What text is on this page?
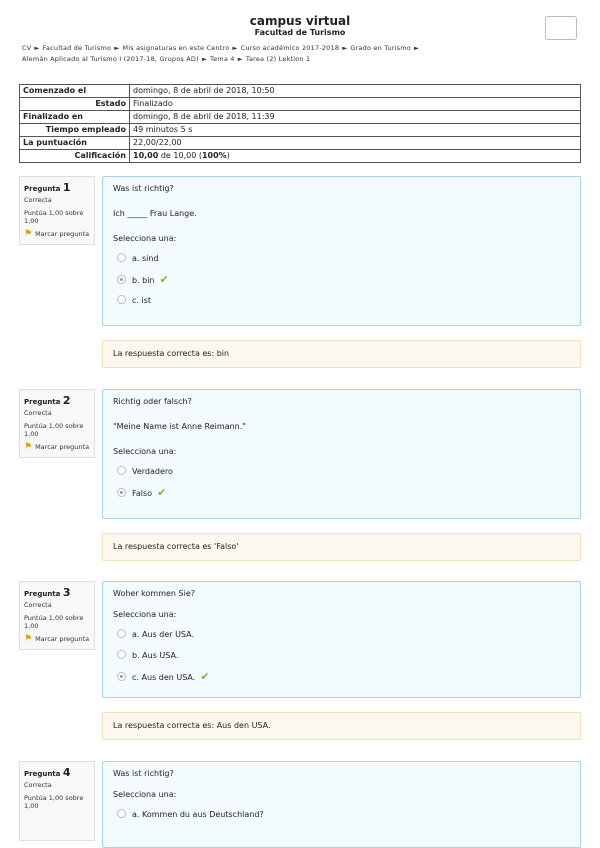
campus virtual
Facultad de Turismo
CV ► Facultad de Turismo ► Mis asignaturas en este Centro ► Curso académico 2017-2018 ► Grado en Turismo ►
Alemán Aplicado al Turismo I (2017-18, Grupos AD) ► Tema 4 ► Tarea (2) Lektion 1
Comenzado el	domingo, 8 de abril de 2018, 10:50
Estado	Finalizado
Finalizado en	domingo, 8 de abril de 2018, 11:39
Tiempo empleado	49 minutos 5 s
La puntuación	22,00/22,00
Calificación	10,00 de 10,00 (100%)
Pregunta 1
Correcta
Puntúa 1,00 sobre 1,00
⚑ Marcar pregunta
Was ist richtig?
Ich _____ Frau Lange.
Selecciona una:
a. sind
b. bin ✔
c. ist
La respuesta correcta es: bin
Pregunta 2
Correcta
Puntúa 1,00 sobre 1,00
⚑ Marcar pregunta
Richtig oder falsch?
"Meine Name ist Anne Reimann."
Selecciona una:
Verdadero
Falso ✔
La respuesta correcta es 'Falso'
Pregunta 3
Correcta
Puntúa 1,00 sobre 1,00
⚑ Marcar pregunta
Woher kommen Sie?
Selecciona una:
a. Aus der USA.
b. Aus USA.
c. Aus den USA. ✔
La respuesta correcta es: Aus den USA.
Pregunta 4
Correcta
Puntúa 1,00 sobre 1,00
Was ist richtig?
Selecciona una:
a. Kommen du aus Deutschland?
